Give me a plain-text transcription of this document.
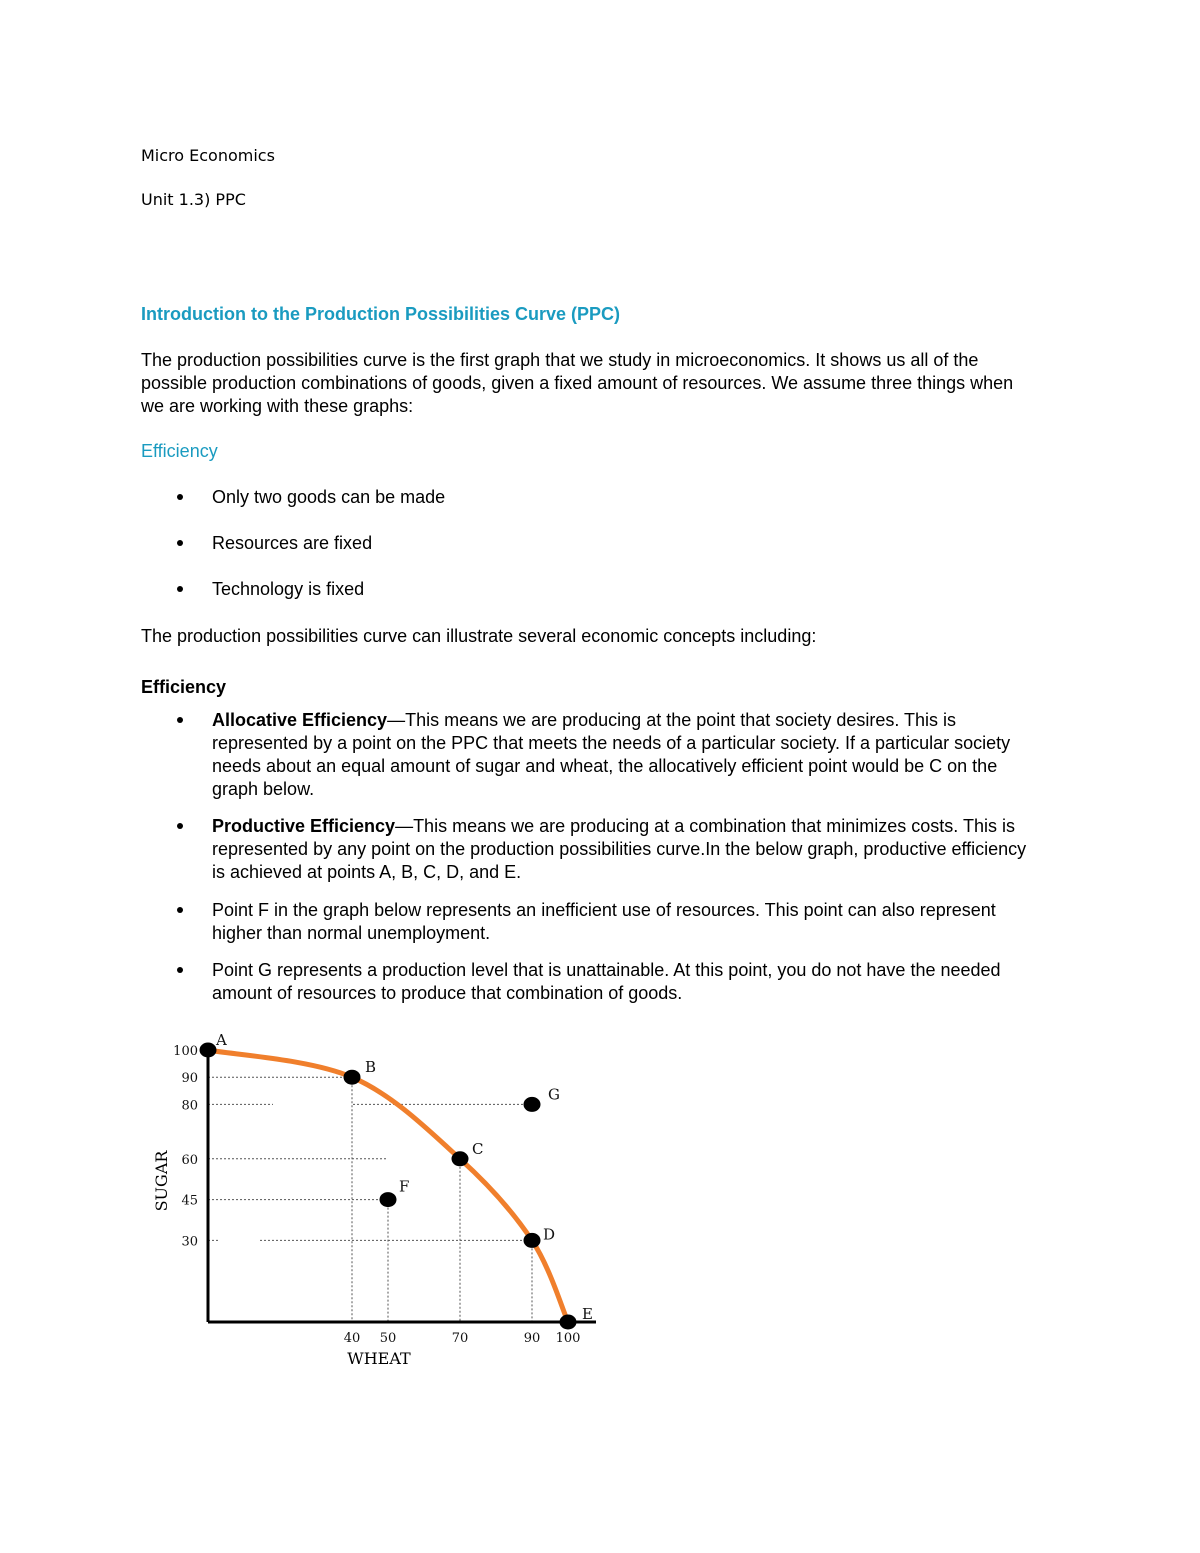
Micro Economics
Unit 1.3) PPC
Introduction to the Production Possibilities Curve (PPC)
The production possibilities curve is the first graph that we study in microeconomics. It shows us all of the
possible production combinations of goods, given a fixed amount of resources. We assume three things when
we are working with these graphs:
Efficiency
Only two goods can be made
Resources are fixed
Technology is fixed
The production possibilities curve can illustrate several economic concepts including:
Efficiency
Allocative Efficiency—This means we are producing at the point that society desires. This is
represented by a point on the PPC that meets the needs of a particular society. If a particular society
needs about an equal amount of sugar and wheat, the allocatively efficient point would be C on the
graph below.
Productive Efficiency—This means we are producing at a combination that minimizes costs. This is
represented by any point on the production possibilities curve.In the below graph, productive efficiency
is achieved at points A, B, C, D, and E.
Point F in the graph below represents an inefficient use of resources. This point can also represent
higher than normal unemployment.
Point G represents a production level that is unattainable. At this point, you do not have the needed
amount of resources to produce that combination of goods.
100
90
80
60
45
30
40 50	70	90 100
A
B
C
D
E
F
G
WHEAT
SUGAR
